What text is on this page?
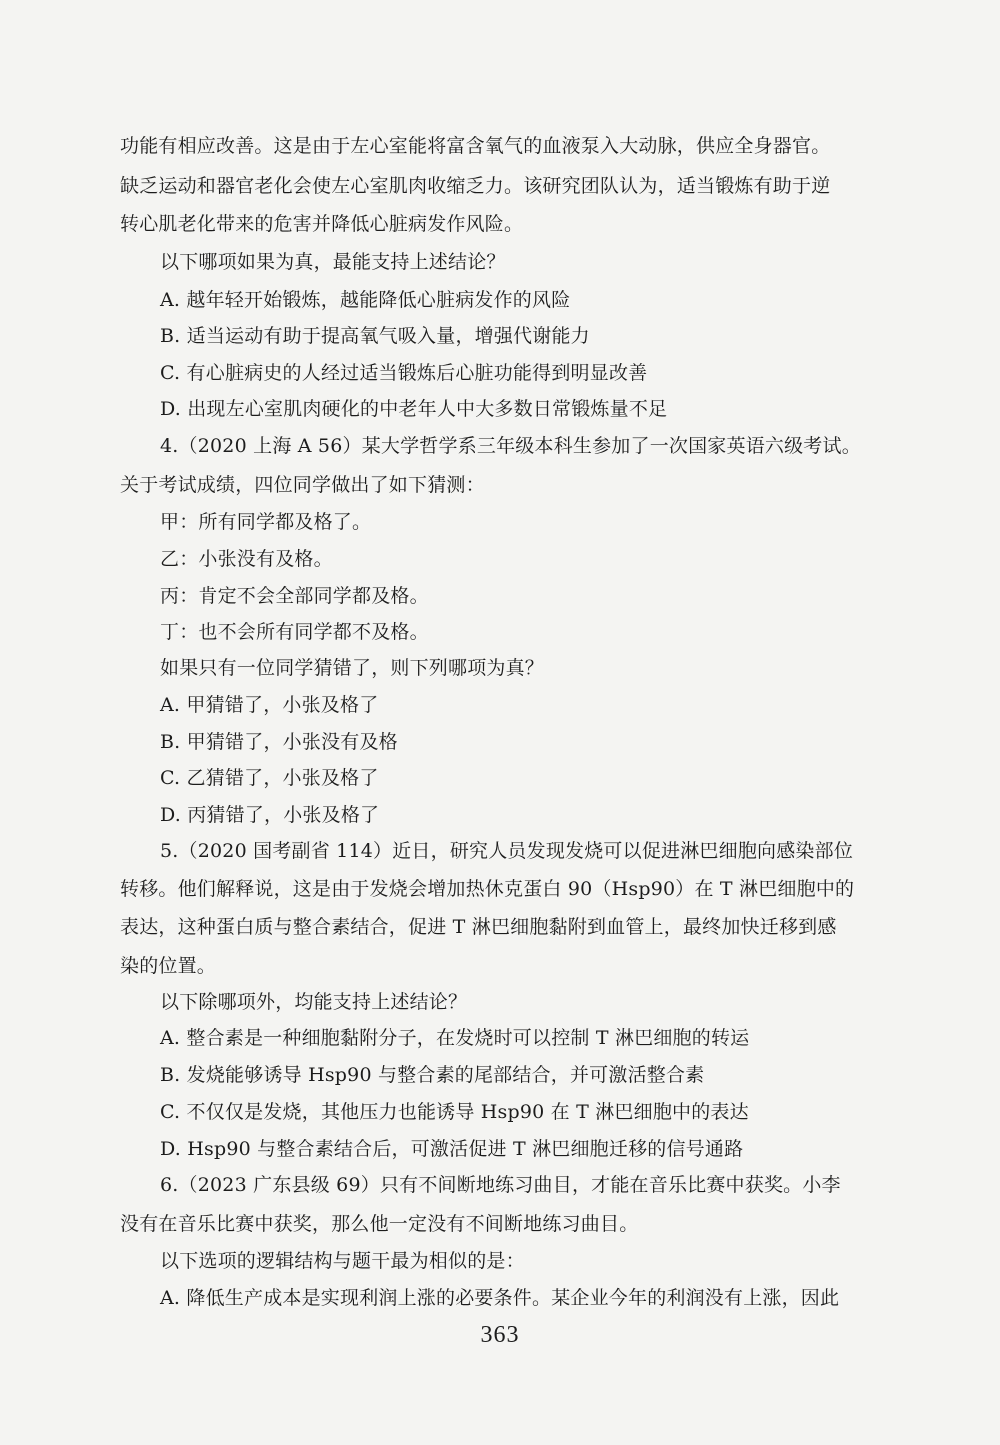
功能有相应改善。这是由于左心室能将富含氧气的血液泵入大动脉，供应全身器官。
缺乏运动和器官老化会使左心室肌肉收缩乏力。该研究团队认为，适当锻炼有助于逆
转心肌老化带来的危害并降低心脏病发作风险。
以下哪项如果为真，最能支持上述结论？
A. 越年轻开始锻炼，越能降低心脏病发作的风险
B. 适当运动有助于提高氧气吸入量，增强代谢能力
C. 有心脏病史的人经过适当锻炼后心脏功能得到明显改善
D. 出现左心室肌肉硬化的中老年人中大多数日常锻炼量不足
4.（2020 上海 A 56）某大学哲学系三年级本科生参加了一次国家英语六级考试。
关于考试成绩，四位同学做出了如下猜测：
甲：所有同学都及格了。
乙：小张没有及格。
丙：肯定不会全部同学都及格。
丁：也不会所有同学都不及格。
如果只有一位同学猜错了，则下列哪项为真？
A. 甲猜错了，小张及格了
B. 甲猜错了，小张没有及格
C. 乙猜错了，小张及格了
D. 丙猜错了，小张及格了
5.（2020 国考副省 114）近日，研究人员发现发烧可以促进淋巴细胞向感染部位
转移。他们解释说，这是由于发烧会增加热休克蛋白 90（Hsp90）在 T 淋巴细胞中的
表达，这种蛋白质与整合素结合，促进 T 淋巴细胞黏附到血管上，最终加快迁移到感
染的位置。
以下除哪项外，均能支持上述结论？
A. 整合素是一种细胞黏附分子，在发烧时可以控制 T 淋巴细胞的转运
B. 发烧能够诱导 Hsp90 与整合素的尾部结合，并可激活整合素
C. 不仅仅是发烧，其他压力也能诱导 Hsp90 在 T 淋巴细胞中的表达
D. Hsp90 与整合素结合后，可激活促进 T 淋巴细胞迁移的信号通路
6.（2023 广东县级 69）只有不间断地练习曲目，才能在音乐比赛中获奖。小李
没有在音乐比赛中获奖，那么他一定没有不间断地练习曲目。
以下选项的逻辑结构与题干最为相似的是：
A. 降低生产成本是实现利润上涨的必要条件。某企业今年的利润没有上涨，因此
363
